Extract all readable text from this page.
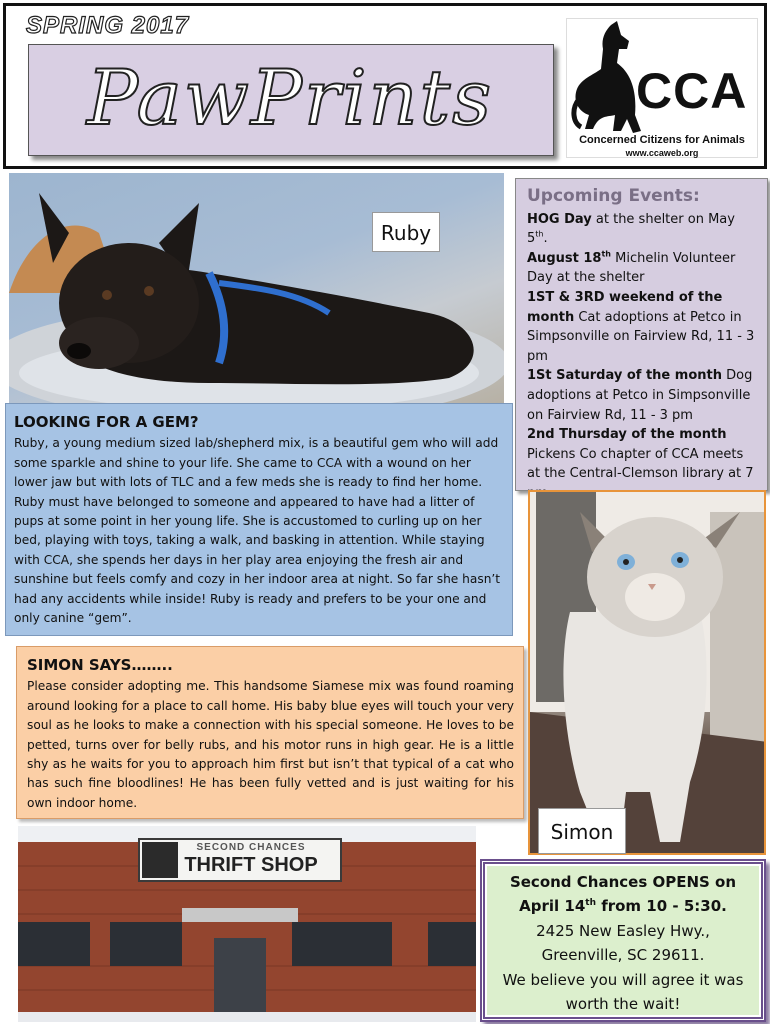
SPRING 2017
PawPrints	CCA
Concerned Citizens for Animals
www.ccaweb.org
Ruby
Upcoming Events:

HOG Day at the shelter on May 5th.

August 18th Michelin Volunteer Day at the shelter

1ST & 3RD weekend of the month Cat adoptions at Petco in Simpsonville on Fairview Rd, 11 - 3 pm

1St Saturday of the month Dog adoptions at Petco in Simpsonville on Fairview Rd, 11 - 3 pm

2nd Thursday of the month Pickens Co chapter of CCA meets at the Central-Clemson library at 7

LOOKING FOR A GEM?
Ruby, a young medium sized lab/shepherd mix, is a beautiful gem who will add some sparkle and shine to your life. She came to CCA with a wound on her lower jaw but with lots of TLC and a few meds she is ready to find her home. Ruby must have belonged to someone and appeared to have had a litter of pups at some point in her young life. She is accustomed to curling up on her bed, playing with toys, taking a walk, and basking in attention. While staying with CCA, she spends her days in her play area enjoying the fresh air and sunshine but feels comfy and cozy in her indoor area at night. So far she hasn’t had any accidents while inside! Ruby is ready and prefers to be your one and only canine “gem”.
Simon
SIMON SAYS……..
Please consider adopting me. This handsome Siamese mix was found roaming around looking for a place to call home. His baby blue eyes will touch your very soul as he looks to make a connection with his special someone. He loves to be petted, turns over for belly rubs, and his motor runs in high gear. He is a little shy as he waits for you to approach him first but isn’t that typical of a cat who has such fine bloodlines! He has been fully vetted and is just waiting for his own indoor home.
SECOND CHANCES
THRIFT SHOP
Second Chances OPENS on
April 14th from 10 - 5:30.
2425 New Easley Hwy.,
Greenville, SC 29611.
We believe you will agree it was worth the wait!
